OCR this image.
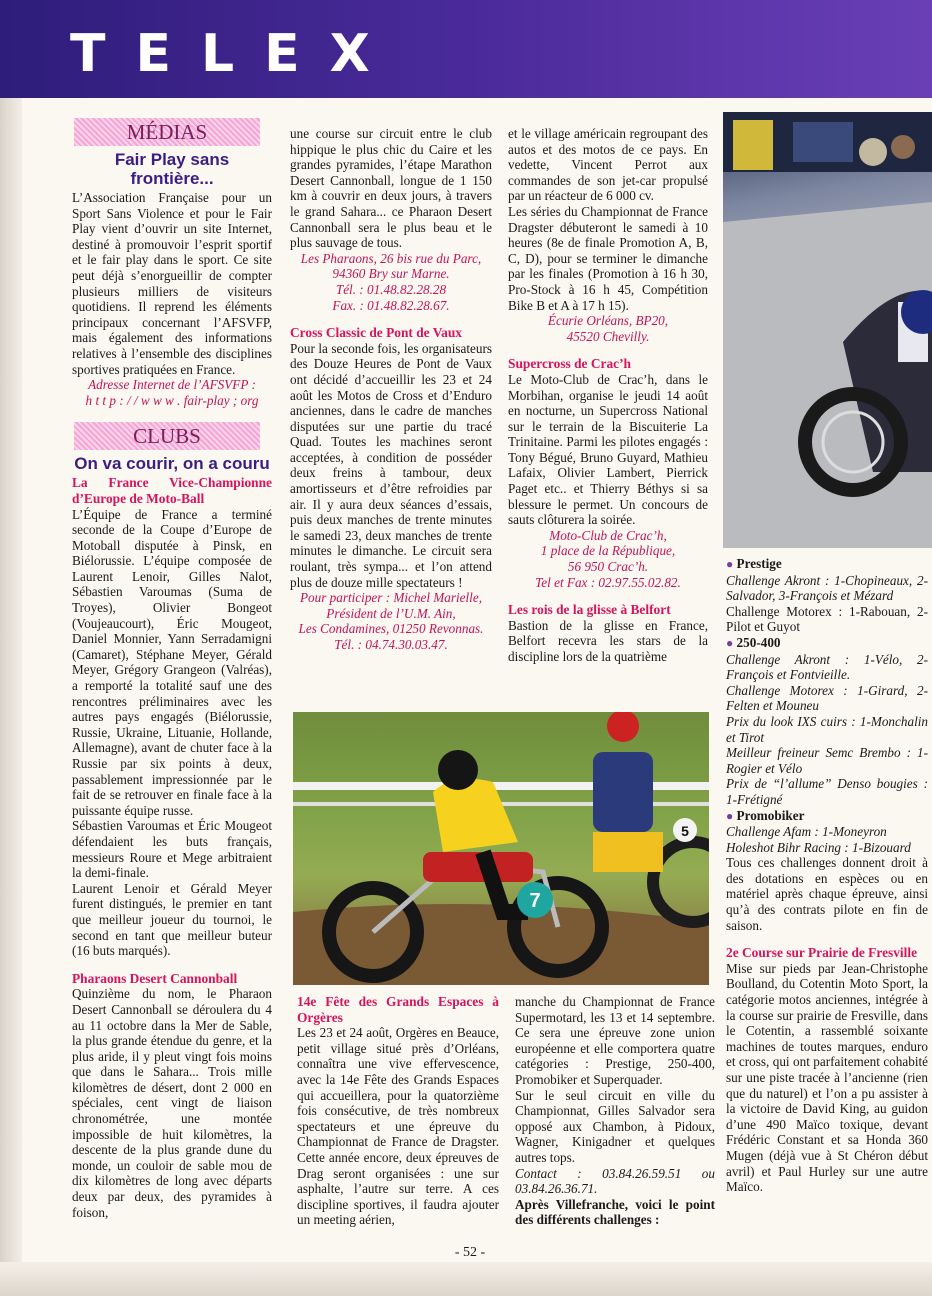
TELEX
MÉDIAS
Fair Play sans frontière...

L’Association Française pour un Sport Sans Violence et pour le Fair Play vient d’ouvrir un site Internet, destiné à promouvoir l’esprit sportif et le fair play dans le sport. Ce site peut déjà s’enorgueillir de compter plusieurs milliers de visiteurs quotidiens. Il reprend les éléments principaux concernant l’AFSVFP, mais également des informations relatives à l’ensemble des disciplines sportives pratiquées en France.

Adresse Internet de l’AFSVFP :

h t t p : / / w w w . fair-play ; org

CLUBS
On va courir, on a couru

La France Vice-Championne d’Europe de Moto-Ball

L’Équipe de France a terminé seconde de la Coupe d’Europe de Motoball disputée à Pinsk, en Biélorussie. L’équipe composée de Laurent Lenoir, Gilles Nalot, Sébastien Varoumas (Suma de Troyes), Olivier Bongeot (Voujeaucourt), Éric Mougeot, Daniel Monnier, Yann Serradamigni (Camaret), Stéphane Meyer, Gérald Meyer, Grégory Grangeon (Valréas), a remporté la totalité sauf une des rencontres préliminaires avec les autres pays engagés (Biélorussie, Russie, Ukraine, Lituanie, Hollande, Allemagne), avant de chuter face à la Russie par six points à deux, passablement impressionnée par le fait de se retrouver en finale face à la puissante équipe russe.

Sébastien Varoumas et Éric Mougeot défendaient les buts français, messieurs Roure et Mege arbitraient la demi-finale.

Laurent Lenoir et Gérald Meyer furent distingués, le premier en tant que meilleur joueur du tournoi, le second en tant que meilleur buteur (16 buts marqués).

Pharaons Desert Cannonball

Quinzième du nom, le Pharaon Desert Cannonball se déroulera du 4 au 11 octobre dans la Mer de Sable, la plus grande étendue du genre, et la plus aride, il y pleut vingt fois moins que dans le Sahara... Trois mille kilomètres de désert, dont 2 000 en spéciales, cent vingt de liaison chronométrée, une montée impossible de huit kilomètres, la descente de la plus grande dune du monde, un couloir de sable mou de dix kilomètres de long avec départs deux par deux, des pyramides à foison,

une course sur circuit entre le club hippique le plus chic du Caire et les grandes pyramides, l’étape Marathon Desert Cannonball, longue de 1 150 km à couvrir en deux jours, à travers le grand Sahara... ce Pharaon Desert Cannonball sera le plus beau et le plus sauvage de tous.

Les Pharaons, 26 bis rue du Parc,

94360 Bry sur Marne.

Tél. : 01.48.82.28.28

Fax. : 01.48.82.28.67.

Cross Classic de Pont de Vaux

Pour la seconde fois, les organisateurs des Douze Heures de Pont de Vaux ont décidé d’accueillir les 23 et 24 août les Motos de Cross et d’Enduro anciennes, dans le cadre de manches disputées sur une partie du tracé Quad. Toutes les machines seront acceptées, à condition de posséder deux freins à tambour, deux amortisseurs et d’être refroidies par air. Il y aura deux séances d’essais, puis deux manches de trente minutes le samedi 23, deux manches de trente minutes le dimanche. Le circuit sera roulant, très sympa... et l’on attend plus de douze mille spectateurs !

Pour participer : Michel Marielle,

Président de l’U.M. Ain,

Les Condamines, 01250 Revonnas.

Tél. : 04.74.30.03.47.

14e Fête des Grands Espaces à Orgères

Les 23 et 24 août, Orgères en Beauce, petit village situé près d’Orléans, connaîtra une vive effervescence, avec la 14e Fête des Grands Espaces qui accueillera, pour la quatorzième fois consécutive, de très nombreux spectateurs et une épreuve du Championnat de France de Dragster. Cette année encore, deux épreuves de Drag seront organisées : une sur asphalte, l’autre sur terre. A ces discipline sportives, il faudra ajouter un meeting aérien,

et le village américain regroupant des autos et des motos de ce pays. En vedette, Vincent Perrot aux commandes de son jet-car propulsé par un réacteur de 6 000 cv.

Les séries du Championnat de France Dragster débuteront le samedi à 10 heures (8e de finale Promotion A, B, C, D), pour se terminer le dimanche par les finales (Promotion à 16 h 30, Pro-Stock à 16 h 45, Compétition Bike B et A à 17 h 15).

Écurie Orléans, BP20,

45520 Chevilly.

Supercross de Crac’h

Le Moto-Club de Crac’h, dans le Morbihan, organise le jeudi 14 août en nocturne, un Supercross National sur le terrain de la Biscuiterie La Trinitaine. Parmi les pilotes engagés : Tony Bégué, Bruno Guyard, Mathieu Lafaix, Olivier Lambert, Pierrick Paget etc.. et Thierry Béthys si sa blessure le permet. Un concours de sauts clôturera la soirée.

Moto-Club de Crac’h,

1 place de la République,

56 950 Crac’h.

Tel et Fax : 02.97.55.02.82.

Les rois de la glisse à Belfort

Bastion de la glisse en France, Belfort recevra les stars de la discipline lors de la quatrième

manche du Championnat de France Supermotard, les 13 et 14 septembre. Ce sera une épreuve zone union européenne et elle comportera quatre catégories : Prestige, 250-400, Promobiker et Superquader.

Sur le seul circuit en ville du Championnat, Gilles Salvador sera opposé aux Chambon, à Pidoux, Wagner, Kinigadner et quelques autres tops.

Contact : 03.84.26.59.51 ou 03.84.26.36.71.

Après Villefranche, voici le point des différents challenges :

● Prestige

Challenge Akront : 1-Chopineaux, 2-Salvador, 3-François et Mézard

Challenge Motorex : 1-Rabouan, 2-Pilot et Guyot

● 250-400

Challenge Akront : 1-Vélo, 2-François et Fontvieille.

Challenge Motorex : 1-Girard, 2-Felten et Mouneu

Prix du look IXS cuirs : 1-Monchalin et Tirot

Meilleur freineur Semc Brembo : 1-Rogier et Vélo

Prix de “l’allume” Denso bougies : 1-Frétigné

● Promobiker

Challenge Afam : 1-Moneyron

Holeshot Bihr Racing : 1-Bizouard

Tous ces challenges donnent droit à des dotations en espèces ou en matériel après chaque épreuve, ainsi qu’à des contrats pilote en fin de saison.

2e Course sur Prairie de Fresville

Mise sur pieds par Jean-Christophe Boulland, du Cotentin Moto Sport, la catégorie motos anciennes, intégrée à la course sur prairie de Fresville, dans le Cotentin, a rassemblé soixante machines de toutes marques, enduro et cross, qui ont parfaitement cohabité sur une piste tracée à l’ancienne (rien que du naturel) et l’on a pu assister à la victoire de David King, au guidon d’une 490 Maïco toxique, devant Frédéric Constant et sa Honda 360 Mugen (déjà vue à St Chéron début avril) et Paul Hurley sur une autre Maïco.

7
5
- 52 -
